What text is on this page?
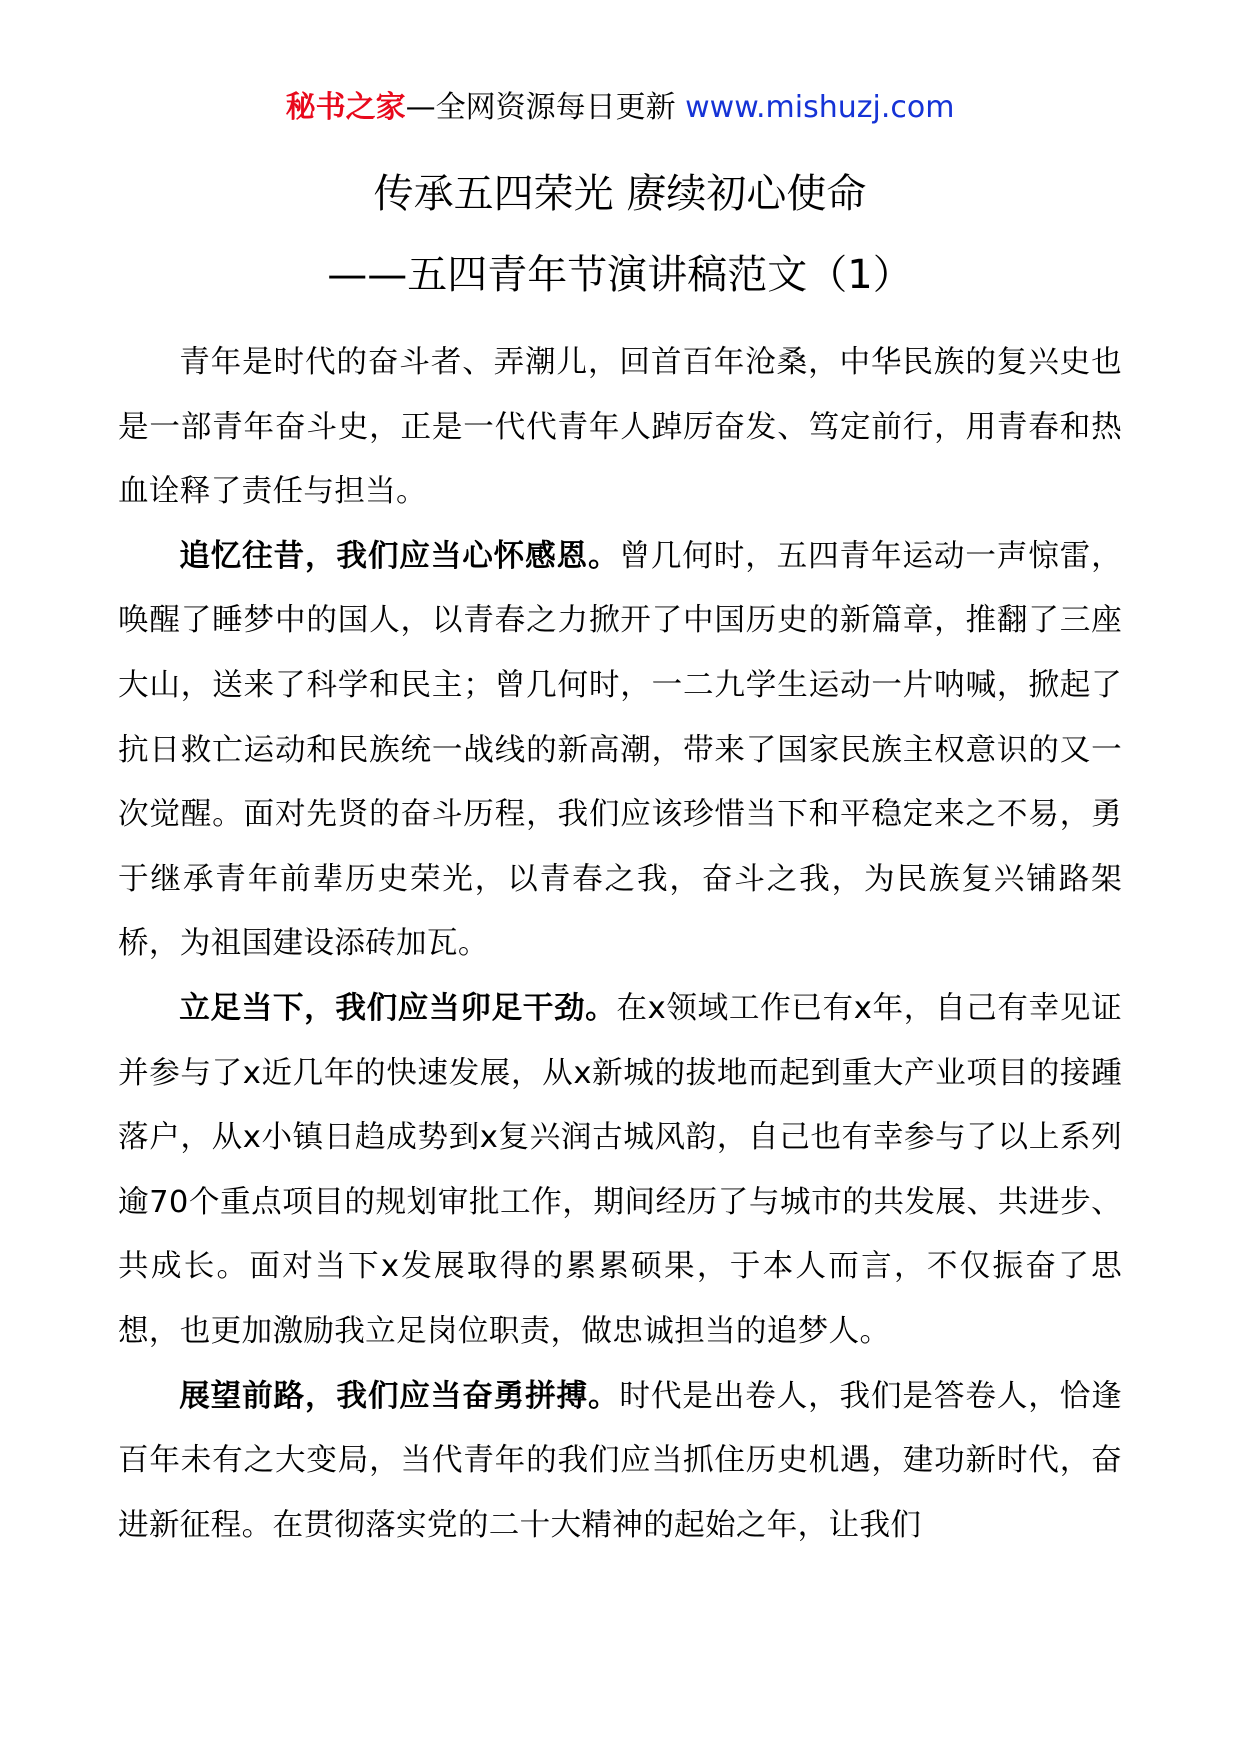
秘书之家—全网资源每日更新 www.mishuzj.com
传承五四荣光 赓续初心使命
——五四青年节演讲稿范文（1）

青年是时代的奋斗者、弄潮儿，回首百年沧桑，中华民族的复兴史也是一部青年奋斗史，正是一代代青年人踔厉奋发、笃定前行，用青春和热血诠释了责任与担当。

追忆往昔，我们应当心怀感恩。曾几何时，五四青年运动一声惊雷，唤醒了睡梦中的国人，以青春之力掀开了中国历史的新篇章，推翻了三座大山，送来了科学和民主；曾几何时，一二九学生运动一片呐喊，掀起了抗日救亡运动和民族统一战线的新高潮，带来了国家民族主权意识的又一次觉醒。面对先贤的奋斗历程，我们应该珍惜当下和平稳定来之不易，勇于继承青年前辈历史荣光，以青春之我，奋斗之我，为民族复兴铺路架桥，为祖国建设添砖加瓦。

立足当下，我们应当卯足干劲。在x领域工作已有x年，自己有幸见证并参与了x近几年的快速发展，从x新城的拔地而起到重大产业项目的接踵落户，从x小镇日趋成势到x复兴润古城风韵，自己也有幸参与了以上系列逾70个重点项目的规划审批工作，期间经历了与城市的共发展、共进步、共成长。面对当下x发展取得的累累硕果，于本人而言，不仅振奋了思想，也更加激励我立足岗位职责，做忠诚担当的追梦人。

展望前路，我们应当奋勇拼搏。时代是出卷人，我们是答卷人，恰逢百年未有之大变局，当代青年的我们应当抓住历史机遇，建功新时代，奋进新征程。在贯彻落实党的二十大精神的起始之年，让我们
